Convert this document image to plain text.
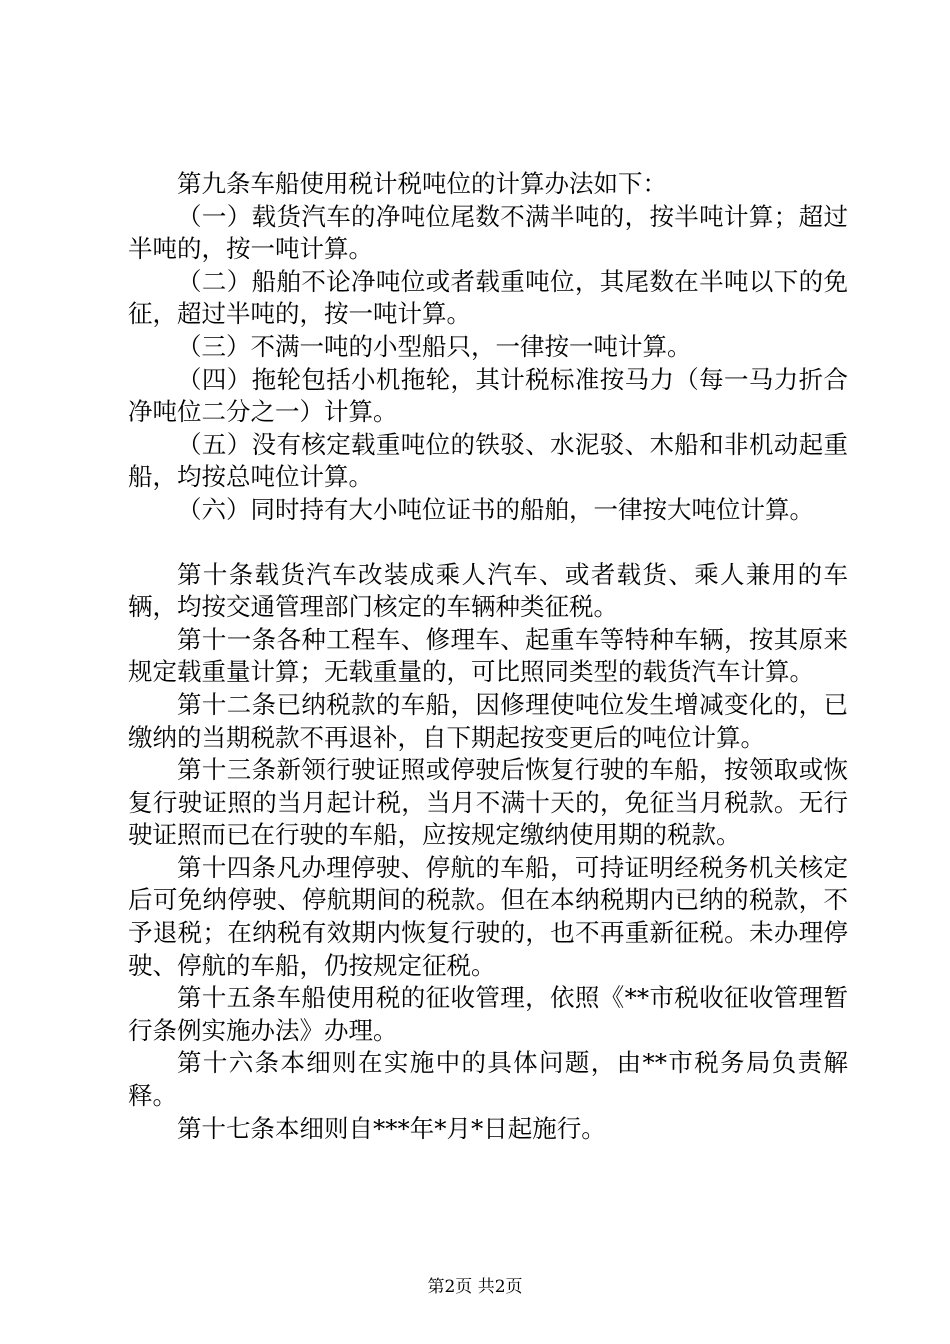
第九条车船使用税计税吨位的计算办法如下：

（一）载货汽车的净吨位尾数不满半吨的，按半吨计算；超过半吨的，按一吨计算。

（二）船舶不论净吨位或者载重吨位，其尾数在半吨以下的免征，超过半吨的，按一吨计算。

（三）不满一吨的小型船只，一律按一吨计算。

（四）拖轮包括小机拖轮，其计税标准按马力（每一马力折合净吨位二分之一）计算。

（五）没有核定载重吨位的铁驳、水泥驳、木船和非机动起重船，均按总吨位计算。

（六）同时持有大小吨位证书的船舶，一律按大吨位计算。

第十条载货汽车改装成乘人汽车、或者载货、乘人兼用的车辆，均按交通管理部门核定的车辆种类征税。

第十一条各种工程车、修理车、起重车等特种车辆，按其原来规定载重量计算；无载重量的，可比照同类型的载货汽车计算。

第十二条已纳税款的车船，因修理使吨位发生增减变化的，已缴纳的当期税款不再退补，自下期起按变更后的吨位计算。

第十三条新领行驶证照或停驶后恢复行驶的车船，按领取或恢复行驶证照的当月起计税，当月不满十天的，免征当月税款。无行驶证照而已在行驶的车船，应按规定缴纳使用期的税款。

第十四条凡办理停驶、停航的车船，可持证明经税务机关核定后可免纳停驶、停航期间的税款。但在本纳税期内已纳的税款，不予退税；在纳税有效期内恢复行驶的，也不再重新征税。未办理停驶、停航的车船，仍按规定征税。

第十五条车船使用税的征收管理，依照《**市税收征收管理暂行条例实施办法》办理。

第十六条本细则在实施中的具体问题，由**市税务局负责解释。

第十七条本细则自***年*月*日起施行。

第2页 共2页
